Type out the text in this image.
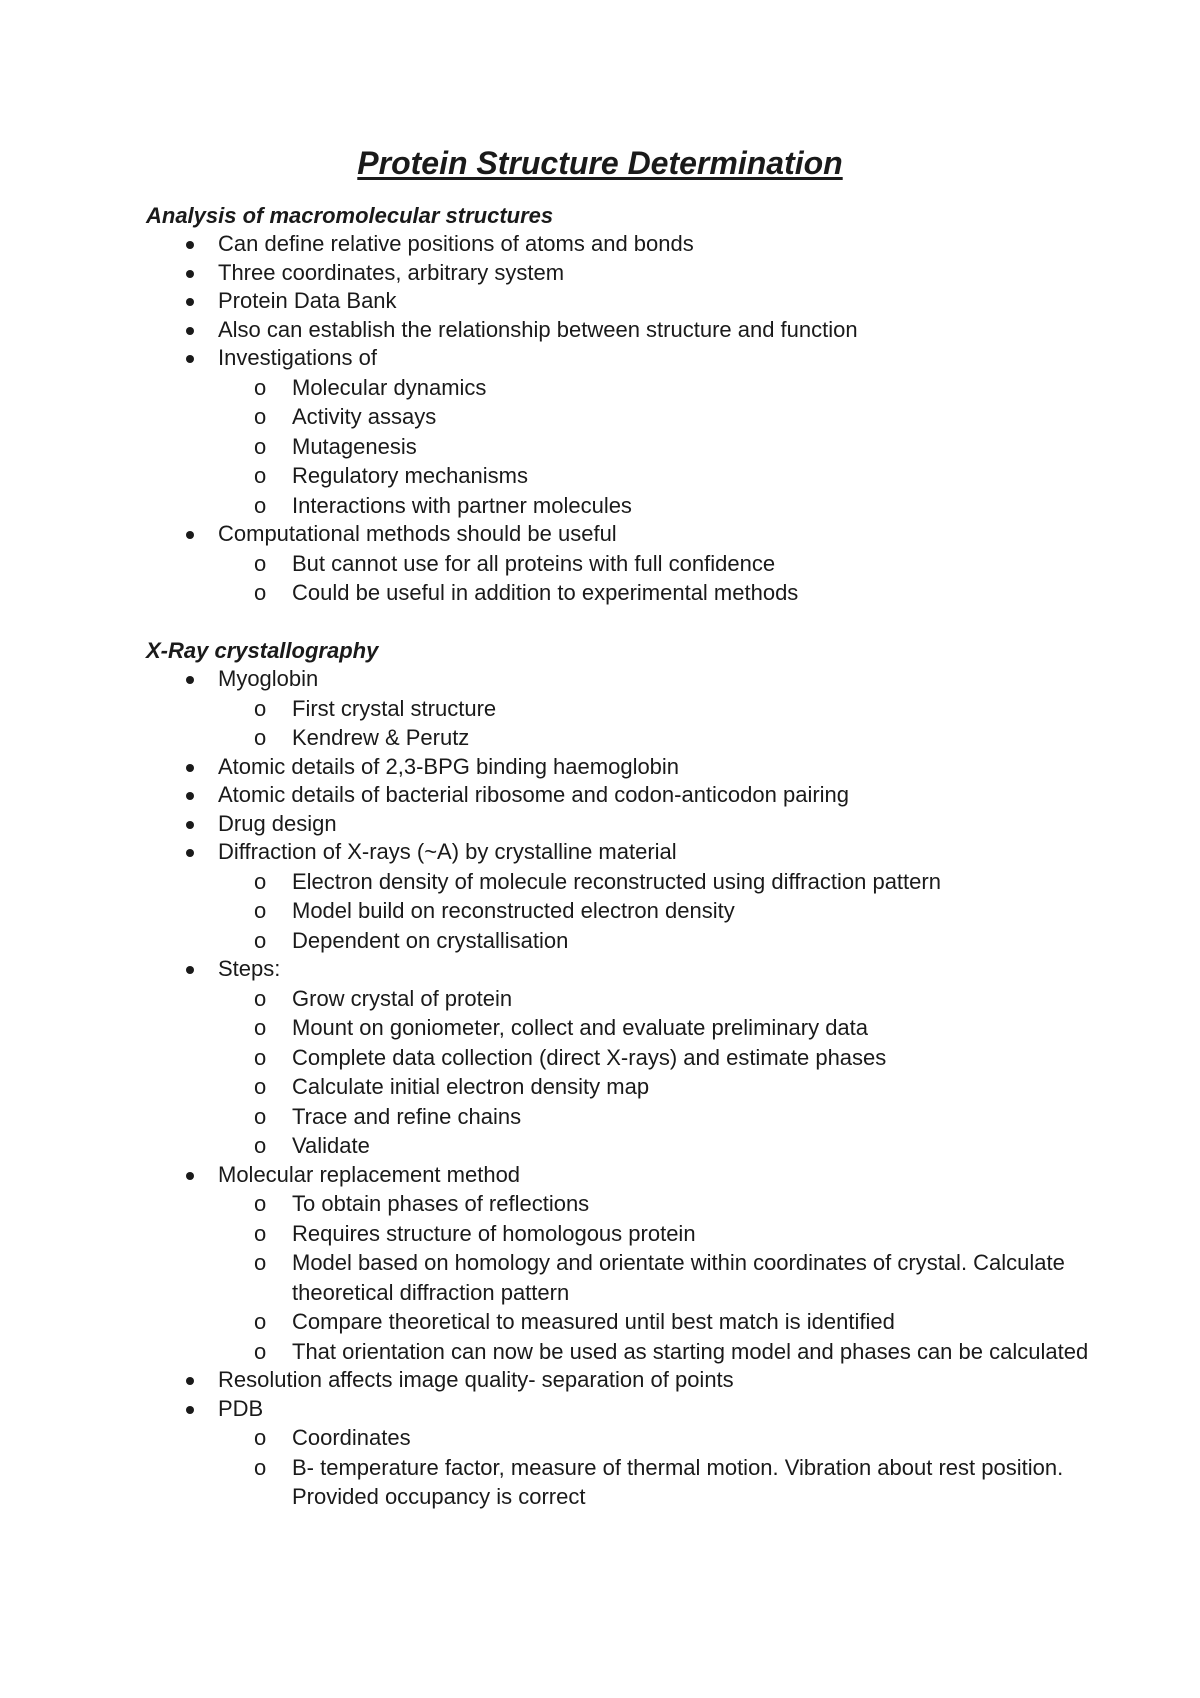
Protein Structure Determination
Analysis of macromolecular structures
Can define relative positions of atoms and bonds
Three coordinates, arbitrary system
Protein Data Bank
Also can establish the relationship between structure and function
Investigations of
o Molecular dynamics
o Activity assays
o Mutagenesis
o Regulatory mechanisms
o Interactions with partner molecules
Computational methods should be useful
o But cannot use for all proteins with full confidence
o Could be useful in addition to experimental methods
X-Ray crystallography
Myoglobin
o First crystal structure
o Kendrew & Perutz
Atomic details of 2,3-BPG binding haemoglobin
Atomic details of bacterial ribosome and codon-anticodon pairing
Drug design
Diffraction of X-rays (~A) by crystalline material
o Electron density of molecule reconstructed using diffraction pattern
o Model build on reconstructed electron density
o Dependent on crystallisation
Steps:
o Grow crystal of protein
o Mount on goniometer, collect and evaluate preliminary data
o Complete data collection (direct X-rays) and estimate phases
o Calculate initial electron density map
o Trace and refine chains
o Validate
Molecular replacement method
o To obtain phases of reflections
o Requires structure of homologous protein
o Model based on homology and orientate within coordinates of crystal. Calculate theoretical diffraction pattern
o Compare theoretical to measured until best match is identified
o That orientation can now be used as starting model and phases can be calculated
Resolution affects image quality- separation of points
PDB
o Coordinates
o B- temperature factor, measure of thermal motion. Vibration about rest position. Provided occupancy is correct
